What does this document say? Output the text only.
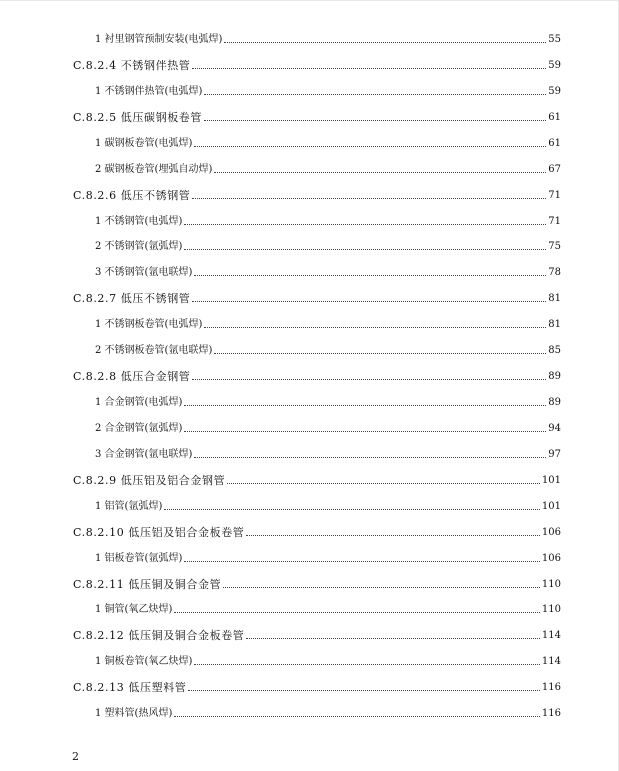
1 衬里钢管预制安装(电弧焊)	55
C.8.2.4 不锈钢伴热管	59
1 不锈钢伴热管(电弧焊)	59
C.8.2.5 低压碳钢板卷管	61
1 碳钢板卷管(电弧焊)	61
2 碳钢板卷管(埋弧自动焊)	67
C.8.2.6 低压不锈钢管	71
1 不锈钢管(电弧焊)	71
2 不锈钢管(氩弧焊)	75
3 不锈钢管(氩电联焊)	78
C.8.2.7 低压不锈钢管	81
1 不锈钢板卷管(电弧焊)	81
2 不锈钢板卷管(氩电联焊)	85
C.8.2.8 低压合金钢管	89
1 合金钢管(电弧焊)	89
2 合金钢管(氩弧焊)	94
3 合金钢管(氩电联焊)	97
C.8.2.9 低压铝及铝合金钢管	101
1 铝管(氩弧焊)	101
C.8.2.10 低压铝及铝合金板卷管	106
1 铝板卷管(氩弧焊)	106
C.8.2.11 低压铜及铜合金管	110
1 铜管(氧乙炔焊)	110
C.8.2.12 低压铜及铜合金板卷管	114
1 铜板卷管(氧乙炔焊)	114
C.8.2.13 低压塑料管	116
1 塑料管(热风焊)	116
2
